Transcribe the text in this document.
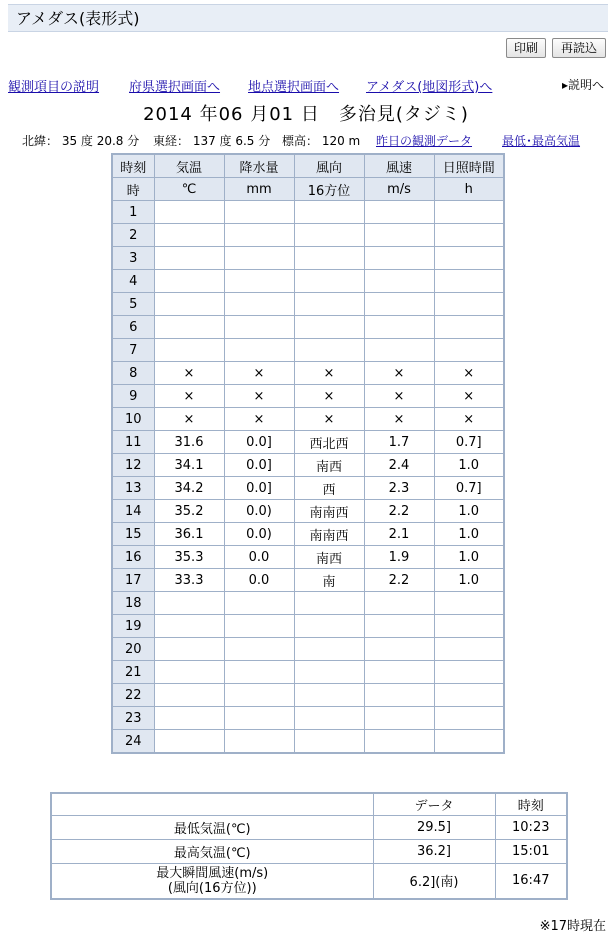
アメダス(表形式)
印刷	再読込
観測項目の説明 府県選択画面へ 地点選択画面へ アメダス(地図形式)へ	▸説明へ
2014 年06 月01 日　多治見(タジミ)
北緯： 35 度 20.8 分 東経： 137 度 6.5 分 標高： 120 m 昨日の観測データ 最低･最高気温
時刻	気温	降水量	風向	風速	日照時間
時	℃	mm	16方位	m/s	h
1					
2					
3					
4					
5					
6					
7					
8	×	×	×	×	×
9	×	×	×	×	×
10	×	×	×	×	×
11	31.6	0.0]	西北西	1.7	0.7]
12	34.1	0.0]	南西	2.4	1.0
13	34.2	0.0]	西	2.3	0.7]
14	35.2	0.0)	南南西	2.2	1.0
15	36.1	0.0)	南南西	2.1	1.0
16	35.3	0.0	南西	1.9	1.0
17	33.3	0.0	南	2.2	1.0
18					
19					
20					
21					
22					
23					
24					
	データ	時刻
最低気温(℃)	29.5]	10:23
最高気温(℃)	36.2]	15:01
最大瞬間風速(m/s)
(風向(16方位))	6.2](南)	16:47
※17時現在
